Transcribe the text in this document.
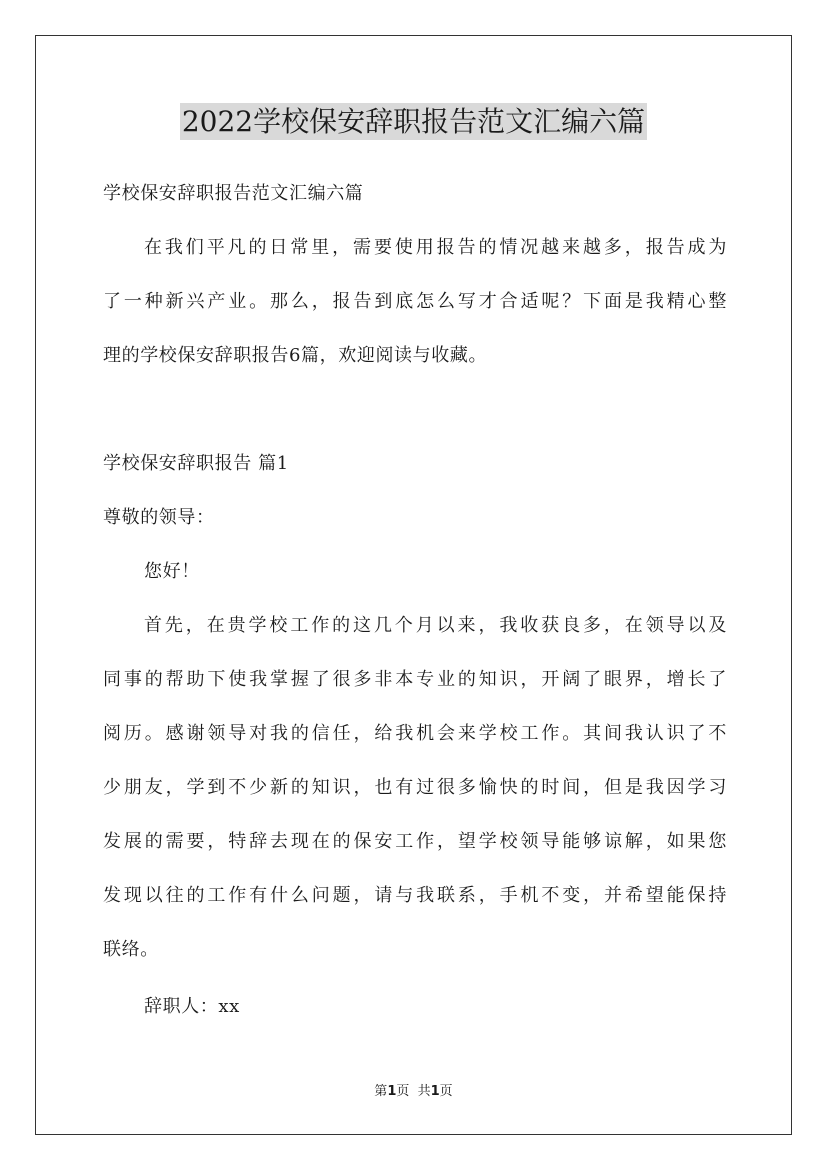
2022学校保安辞职报告范文汇编六篇
学校保安辞职报告范文汇编六篇
在我们平凡的日常里，需要使用报告的情况越来越多，报告成为
了一种新兴产业。那么，报告到底怎么写才合适呢？下面是我精心整
理的学校保安辞职报告6篇，欢迎阅读与收藏。
学校保安辞职报告 篇1
尊敬的领导：
您好！
首先，在贵学校工作的这几个月以来，我收获良多，在领导以及
同事的帮助下使我掌握了很多非本专业的知识，开阔了眼界，增长了
阅历。感谢领导对我的信任，给我机会来学校工作。其间我认识了不
少朋友，学到不少新的知识，也有过很多愉快的时间，但是我因学习
发展的需要，特辞去现在的保安工作，望学校领导能够谅解，如果您
发现以往的工作有什么问题，请与我联系，手机不变，并希望能保持
联络。
辞职人：xx
第1页  共1页
